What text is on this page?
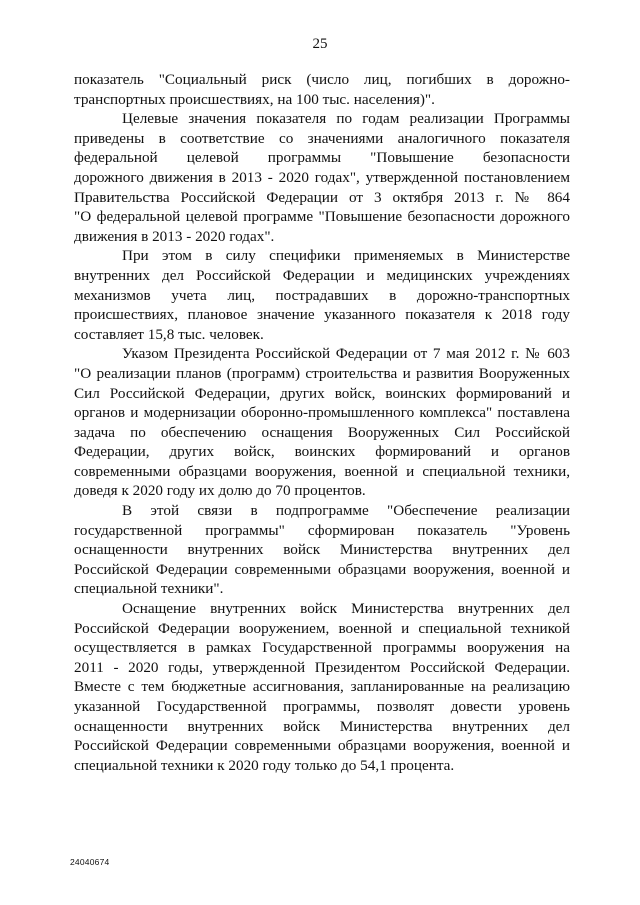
25
показатель "Социальный риск (число лиц, погибших в дорожно-
транспортных происшествиях, на 100 тыс. населения)".
Целевые значения показателя по годам реализации Программы
приведены в соответствие со значениями аналогичного показателя
федеральной целевой программы "Повышение безопасности
дорожного движения в 2013 - 2020 годах", утвержденной постановлением
Правительства Российской Федерации от 3 октября 2013 г. № 864
"О федеральной целевой программе "Повышение безопасности дорожного
движения в 2013 - 2020 годах".
При этом в силу специфики применяемых в Министерстве
внутренних дел Российской Федерации и медицинских учреждениях
механизмов учета лиц, пострадавших в дорожно-транспортных
происшествиях, плановое значение указанного показателя к 2018 году
составляет 15,8 тыс. человек.
Указом Президента Российской Федерации от 7 мая 2012 г. № 603
"О реализации планов (программ) строительства и развития Вооруженных
Сил Российской Федерации, других войск, воинских формирований и
органов и модернизации оборонно-промышленного комплекса" поставлена
задача по обеспечению оснащения Вооруженных Сил Российской
Федерации, других войск, воинских формирований и органов
современными образцами вооружения, военной и специальной техники,
доведя к 2020 году их долю до 70 процентов.
В этой связи в подпрограмме "Обеспечение реализации
государственной программы" сформирован показатель "Уровень
оснащенности внутренних войск Министерства внутренних дел
Российской Федерации современными образцами вооружения, военной и
специальной техники".
Оснащение внутренних войск Министерства внутренних дел
Российской Федерации вооружением, военной и специальной техникой
осуществляется в рамках Государственной программы вооружения на
2011 - 2020 годы, утвержденной Президентом Российской Федерации.
Вместе с тем бюджетные ассигнования, запланированные на реализацию
указанной Государственной программы, позволят довести уровень
оснащенности внутренних войск Министерства внутренних дел
Российской Федерации современными образцами вооружения, военной и
специальной техники к 2020 году только до 54,1 процента.
24040674
